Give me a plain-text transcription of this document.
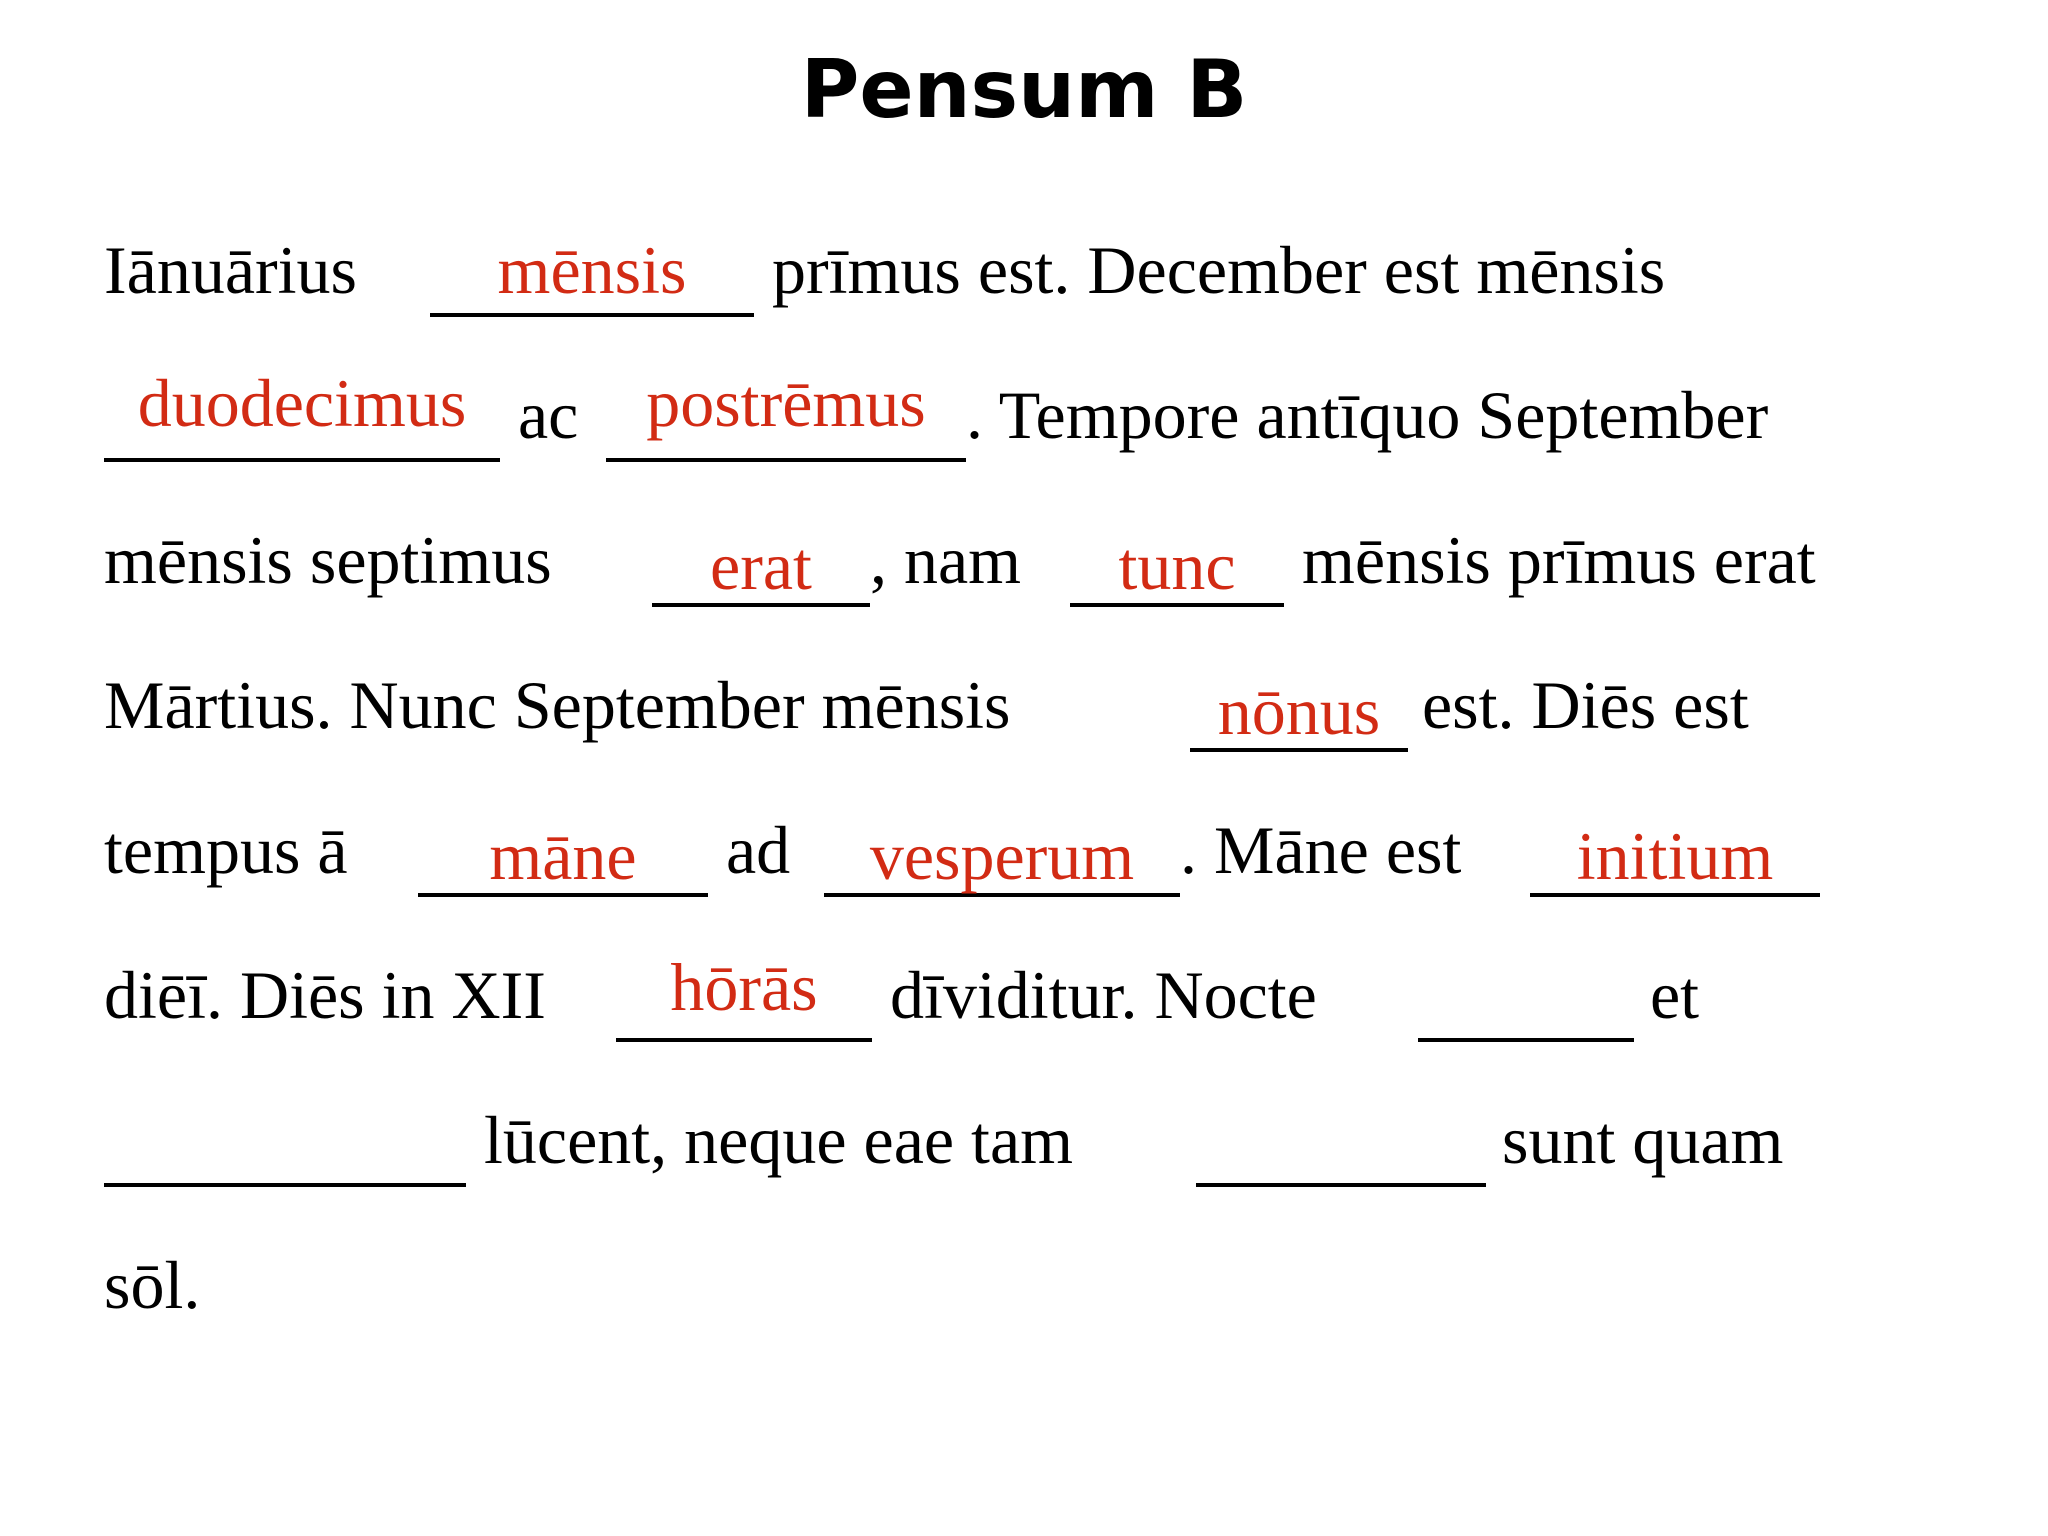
Pensum B
Iānuārius	mēnsis	prīmus est. December est mēnsis
duodecimus ac postrēmus . Tempore antīquo September
mēnsis septimus	erat , nam	tunc mēnsis prīmus erat
Mārtius. Nunc September mēnsis	nōnus est. Diēs est
tempus ā	māne	ad	vesperum . Māne est	initium
diēī. Diēs in XII	hōrās	dīviditur. Nocte	et
lūcent, neque eae tam	sunt quam
sōl.
